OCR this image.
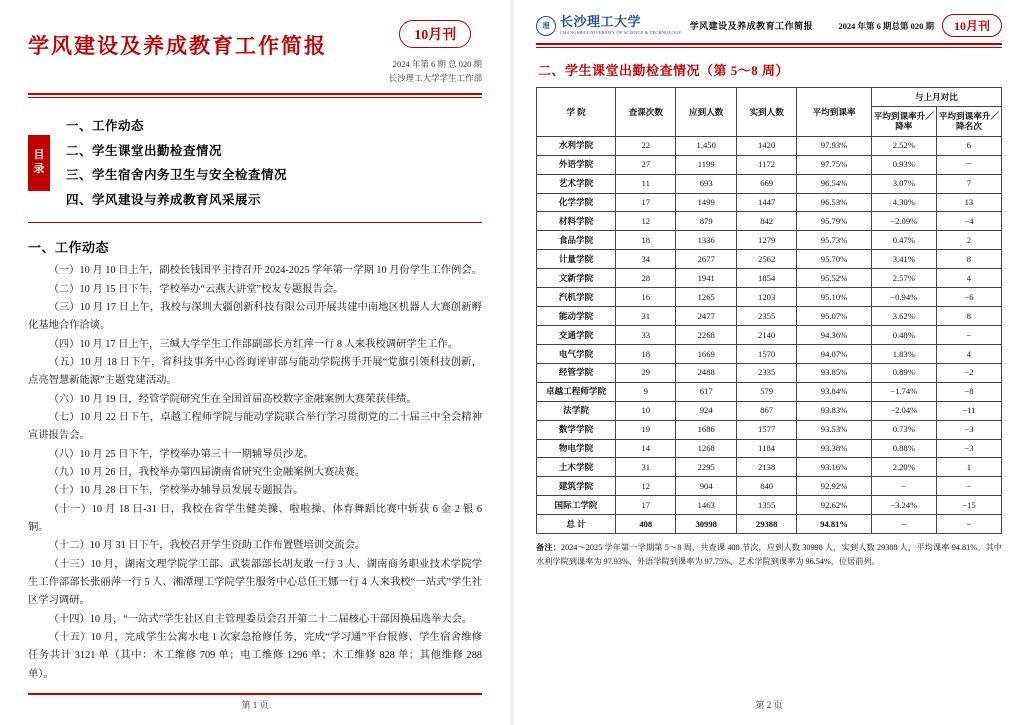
学风建设及养成教育工作简报	10月刊
2024 年第 6 期 总 020 期
长沙理工大学学生工作部
目
录
一、工作动态
二、学生课堂出勤检查情况
三、学生宿舍内务卫生与安全检查情况
四、学风建设与养成教育风采展示
一、工作动态

（一）10 月 10 日上午，副校长钱国平主持召开 2024-2025 学年第一学期 10 月份学生工作例会。

（二）10 月 15 日下午，学校举办“云燕大讲堂”校友专题报告会。

（三）10 月 17 日上午，我校与深圳大疆创新科技有限公司开展共建中南地区机器人大赛创新孵化基地合作洽谈。

（四）10 月 17 日上午，三缄大学学生工作部副部长方红萍一行 8 人来我校调研学生工作。

（五）10 月 18 日下午，省科技事务中心咨询评审部与能动学院携手开展“党旗引领科技创新，点亮智慧新能源”主题党建活动。

（六）10 月 19 日，经管学院研究生在全国首届高校数字金融案例大赛荣获佳绩。

（七）10 月 22 日下午，卓越工程师学院与能动学院联合举行学习贯彻党的二十届三中全会精神宣讲报告会。

（八）10 月 25 日下午，学校举办第三十一期辅导员沙龙。

（九）10 月 26 日，我校举办第四届湖南省研究生金融案例大赛决赛。

（十）10 月 28 日下午，学校举办辅导员发展专题报告。

（十一）10 月 18 日-31 日，我校在省学生健美操、啦啦操、体育舞蹈比赛中斩获 6 金 2 银 6 铜。

（十二）10 月 31 日下午，我校召开学生资助工作布置暨培训交流会。

（十三）10 月，湖南文理学院学工部、武装部部长胡友敢一行 3 人、湖南商务职业技术学院学生工作部部长张丽萍一行 5 人、湘潭理工学院学生服务中心总任王娜一行 4 人来我校“一站式”学生社区学习调研。

（十四）10 月，“一站式”学生社区自主管理委员会召开第二十二届核心干部因换届选举大会。

（十五）10 月，完成学生公寓水电 1 次家急抢修任务，完成“学习通”平台报修、学生宿舍维修任务共计 3121 单（其中：木工维修 709 单；电工维修 1296 单；木工维修 828 单；其他维修 288 单）。

第 1 页
理 长沙理工大学
CHANGSHA UNIVERSITY OF SCIENCE & TECHNOLOGY
学风建设及养成教育工作简报	2024 年第 6 期总第 020 期	10月刊
二、学生课堂出勤检查情况（第 5～8 周）
学 院	查课次数	应到人数	实到人数	平均到课率	与上月对比	
					平均到课率升／降率	平均到课率升／降名次
水利学院	22	1,450	1420	97.93%	2.52%	6
外语学院	27	1199	1172	97.75%	0.93%	－
艺术学院	11	693	669	96.54%	3.07%	7
化学学院	17	1499	1447	96.53%	4.30%	13
材料学院	12	879	842	95.79%	−2.09%	−4
食品学院	18	1336	1279	95.73%	0.47%	2
计量学院	34	2677	2562	95.70%	3.41%	8
文新学院	28	1941	1854	95.52%	2.57%	4
汽机学院	16	1265	1203	95.10%	−0.94%	−6
能动学院	31	2477	2355	95.07%	3.62%	8
交通学院	33	2268	2140	94.36%	0.48%	−
电气学院	18	1669	1570	94.07%	1.83%	4
经管学院	29	2488	2335	93.85%	0.89%	−2
卓越工程师学院	9	617	579	93.84%	−1.74%	−8
法学院	10	924	867	93.83%	−2.04%	−11
数学学院	19	1686	1577	93.53%	0.73%	−3
物电学院	14	1268	1184	93.38%	0.88%	−3
土木学院	31	2295	2138	93.16%	2.20%	1
建筑学院	12	904	840	92.92%	−	−
国际工学院	17	1463	1355	92.62%	−3.24%	−15
总 计	408	30998	29388	94.81%	−	−
备注：2024～2025 学年第一学期第 5～8 周，共查课 408 节次，应到人数 30998 人，实到人数 29388 人，平均课率 94.81%。其中水利学院到课率为 97.93%、外语学院到课率为 97.75%、艺术学院到课率为 96.54%，位居前列。
第 2 页
